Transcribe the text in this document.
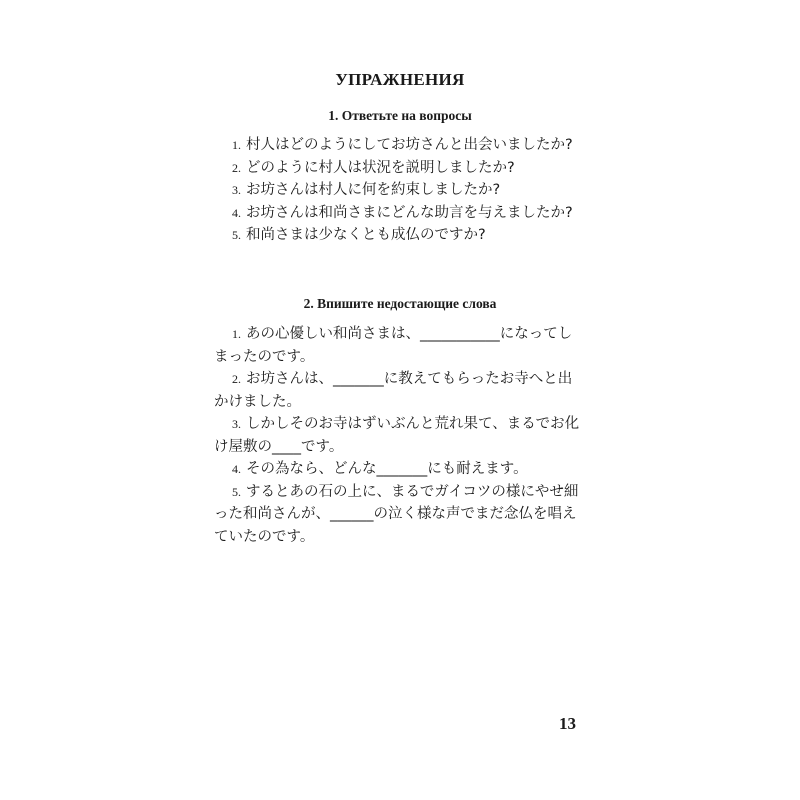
УПРАЖНЕНИЯ
1. Ответьте на вопросы
1. 村人はどのようにしてお坊さんと出会いましたか?
2. どのように村人は状況を説明しましたか?
3. お坊さんは村人に何を約束しましたか?
4. お坊さんは和尚さまにどんな助言を与えましたか?
5. 和尚さまは少なくとも成仏のですか?
2. Впишите недостающие слова
1. あの心優しい和尚さまは、___________になってしまったのです。
2. お坊さんは、_______に教えてもらったお寺へと出かけました。
3. しかしそのお寺はずいぶんと荒れ果て、まるでお化け屋敷の____です。
4. その為なら、どんな_______にも耐えます。
5. するとあの石の上に、まるでガイコツの様にやせ細った和尚さんが、______の泣く様な声でまだ念仏を唱えていたのです。
13
